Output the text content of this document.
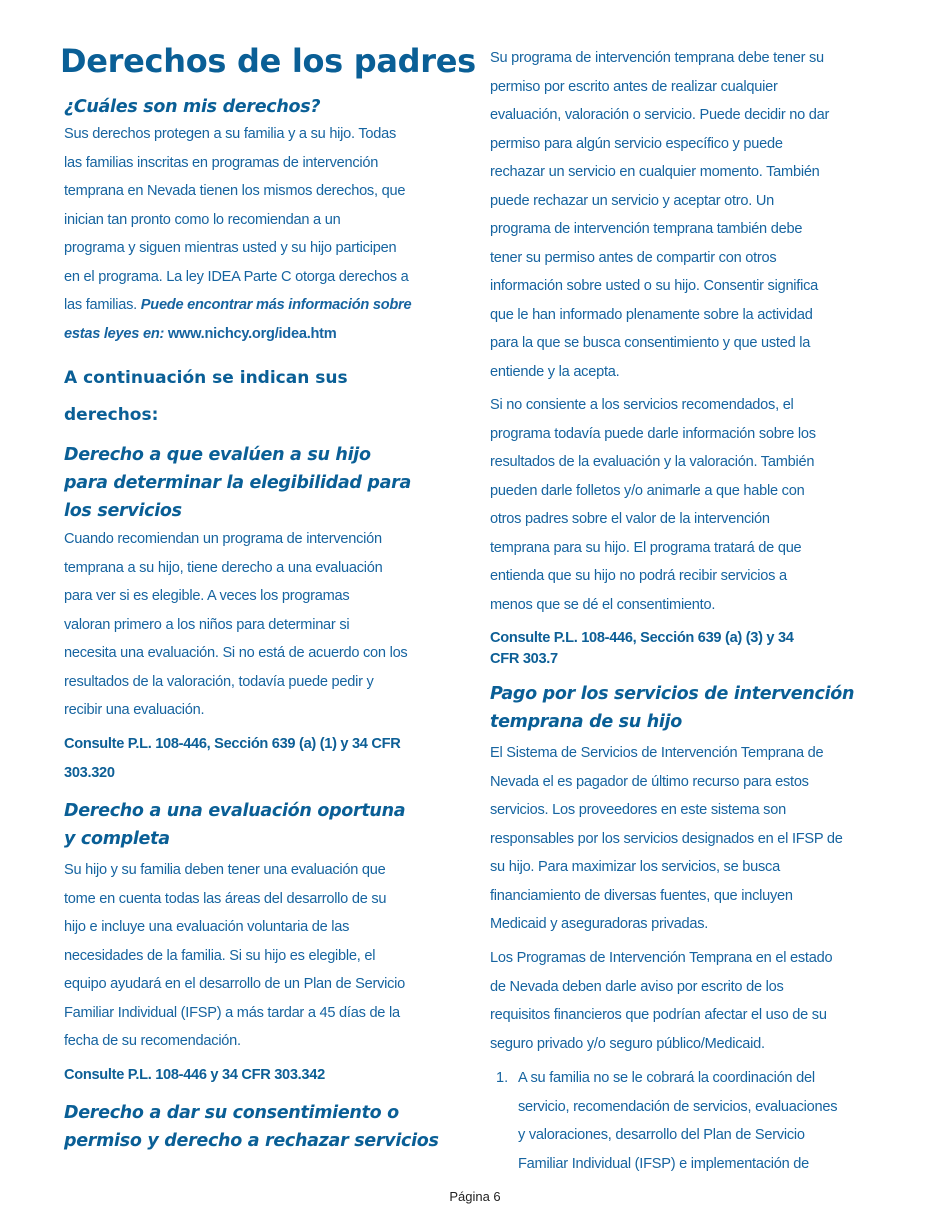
Derechos de los padres
¿Cuáles son mis derechos?
Sus derechos protegen a su familia y a su hijo. Todas
las familias inscritas en programas de intervención
temprana en Nevada tienen los mismos derechos, que
inician tan pronto como lo recomiendan a un
programa y siguen mientras usted y su hijo participen
en el programa. La ley IDEA Parte C otorga derechos a
las familias. Puede encontrar más información sobre
estas leyes en: www.nichcy.org/idea.htm
A continuación se indican sus
derechos:
Derecho a que evalúen a su hijo
para determinar la elegibilidad para
los servicios
Cuando recomiendan un programa de intervención
temprana a su hijo, tiene derecho a una evaluación
para ver si es elegible. A veces los programas
valoran primero a los niños para determinar si
necesita una evaluación. Si no está de acuerdo con los
resultados de la valoración, todavía puede pedir y
recibir una evaluación.
Consulte P.L. 108-446, Sección 639 (a) (1) y 34 CFR
303.320
Derecho a una evaluación oportuna
y completa
Su hijo y su familia deben tener una evaluación que
tome en cuenta todas las áreas del desarrollo de su
hijo e incluye una evaluación voluntaria de las
necesidades de la familia. Si su hijo es elegible, el
equipo ayudará en el desarrollo de un Plan de Servicio
Familiar Individual (IFSP) a más tardar a 45 días de la
fecha de su recomendación.
Consulte P.L. 108-446 y 34 CFR 303.342
Derecho a dar su consentimiento o
permiso y derecho a rechazar servicios
Su programa de intervención temprana debe tener su
permiso por escrito antes de realizar cualquier
evaluación, valoración o servicio. Puede decidir no dar
permiso para algún servicio específico y puede
rechazar un servicio en cualquier momento. También
puede rechazar un servicio y aceptar otro. Un
programa de intervención temprana también debe
tener su permiso antes de compartir con otros
información sobre usted o su hijo. Consentir significa
que le han informado plenamente sobre la actividad
para la que se busca consentimiento y que usted la
entiende y la acepta.
Si no consiente a los servicios recomendados, el
programa todavía puede darle información sobre los
resultados de la evaluación y la valoración. También
pueden darle folletos y/o animarle a que hable con
otros padres sobre el valor de la intervención
temprana para su hijo. El programa tratará de que
entienda que su hijo no podrá recibir servicios a
menos que se dé el consentimiento.
Consulte P.L. 108-446, Sección 639 (a) (3) y 34
CFR 303.7
Pago por los servicios de intervención
temprana de su hijo
El Sistema de Servicios de Intervención Temprana de
Nevada el es pagador de último recurso para estos
servicios. Los proveedores en este sistema son
responsables por los servicios designados en el IFSP de
su hijo. Para maximizar los servicios, se busca
financiamiento de diversas fuentes, que incluyen
Medicaid y aseguradoras privadas.
Los Programas de Intervención Temprana en el estado
de Nevada deben darle aviso por escrito de los
requisitos financieros que podrían afectar el uso de su
seguro privado y/o seguro público/Medicaid.
1. A su familia no se le cobrará la coordinación del
servicio, recomendación de servicios, evaluaciones
y valoraciones, desarrollo del Plan de Servicio
Familiar Individual (IFSP) e implementación de
Página 6
